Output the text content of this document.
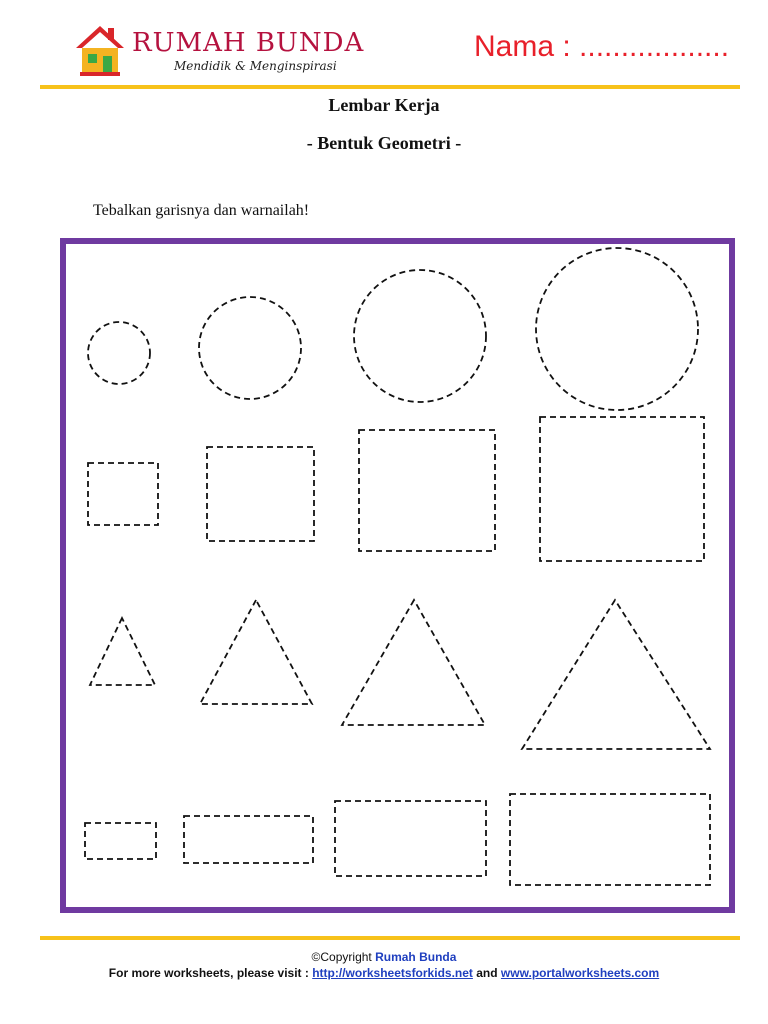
RUMAH BUNDA
Mendidik & Menginspirasi
Nama : ..................
Lembar Kerja
- Bentuk Geometri -
Tebalkan garisnya dan warnailah!
©Copyright Rumah Bunda
For more worksheets, please visit : http://worksheetsforkids.net and www.portalworksheets.com
